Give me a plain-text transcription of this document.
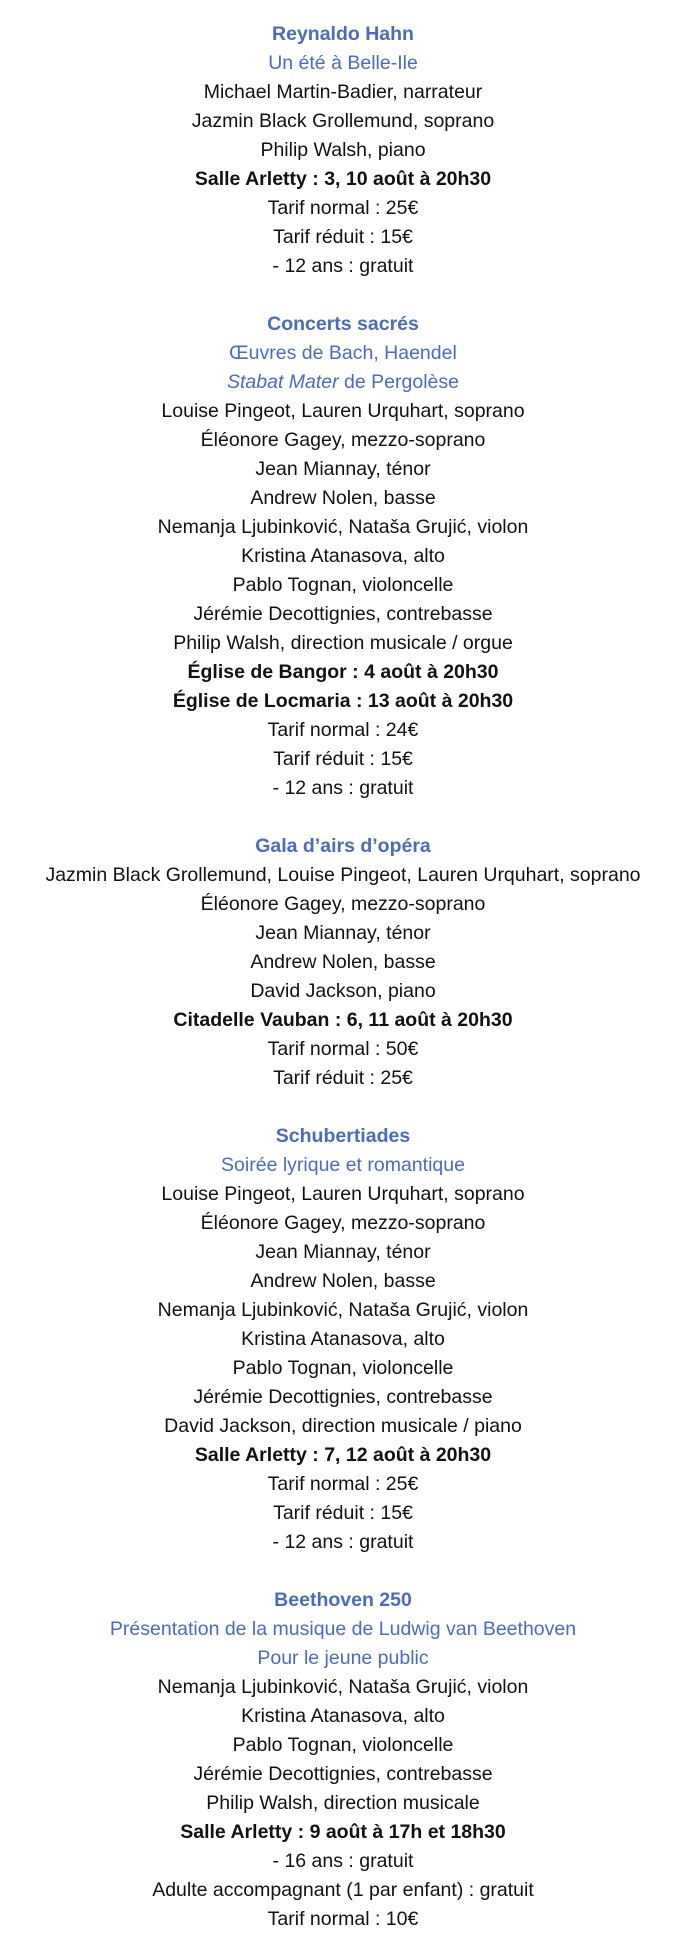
Reynaldo Hahn
Un été à Belle-Ile
Michael Martin-Badier, narrateur
Jazmin Black Grollemund, soprano
Philip Walsh, piano
Salle Arletty : 3, 10 août à 20h30
Tarif normal : 25€
Tarif réduit : 15€
- 12 ans : gratuit
Concerts sacrés
Œuvres de Bach, Haendel
Stabat Mater de Pergolèse
Louise Pingeot, Lauren Urquhart, soprano
Éléonore Gagey, mezzo-soprano
Jean Miannay, ténor
Andrew Nolen, basse
Nemanja Ljubinković, Nataša Grujić, violon
Kristina Atanasova, alto
Pablo Tognan, violoncelle
Jérémie Decottignies, contrebasse
Philip Walsh, direction musicale / orgue
Église de Bangor : 4 août à 20h30
Église de Locmaria : 13 août à 20h30
Tarif normal : 24€
Tarif réduit : 15€
- 12 ans : gratuit
Gala d’airs d’opéra
Jazmin Black Grollemund, Louise Pingeot, Lauren Urquhart, soprano
Éléonore Gagey, mezzo-soprano
Jean Miannay, ténor
Andrew Nolen, basse
David Jackson, piano
Citadelle Vauban : 6, 11 août à 20h30
Tarif normal : 50€
Tarif réduit : 25€
Schubertiades
Soirée lyrique et romantique
Louise Pingeot, Lauren Urquhart, soprano
Éléonore Gagey, mezzo-soprano
Jean Miannay, ténor
Andrew Nolen, basse
Nemanja Ljubinković, Nataša Grujić, violon
Kristina Atanasova, alto
Pablo Tognan, violoncelle
Jérémie Decottignies, contrebasse
David Jackson, direction musicale / piano
Salle Arletty : 7, 12 août à 20h30
Tarif normal : 25€
Tarif réduit : 15€
- 12 ans : gratuit
Beethoven 250
Présentation de la musique de Ludwig van Beethoven
Pour le jeune public
Nemanja Ljubinković, Nataša Grujić, violon
Kristina Atanasova, alto
Pablo Tognan, violoncelle
Jérémie Decottignies, contrebasse
Philip Walsh, direction musicale
Salle Arletty : 9 août à 17h et 18h30
- 16 ans : gratuit
Adulte accompagnant (1 par enfant) : gratuit
Tarif normal : 10€
